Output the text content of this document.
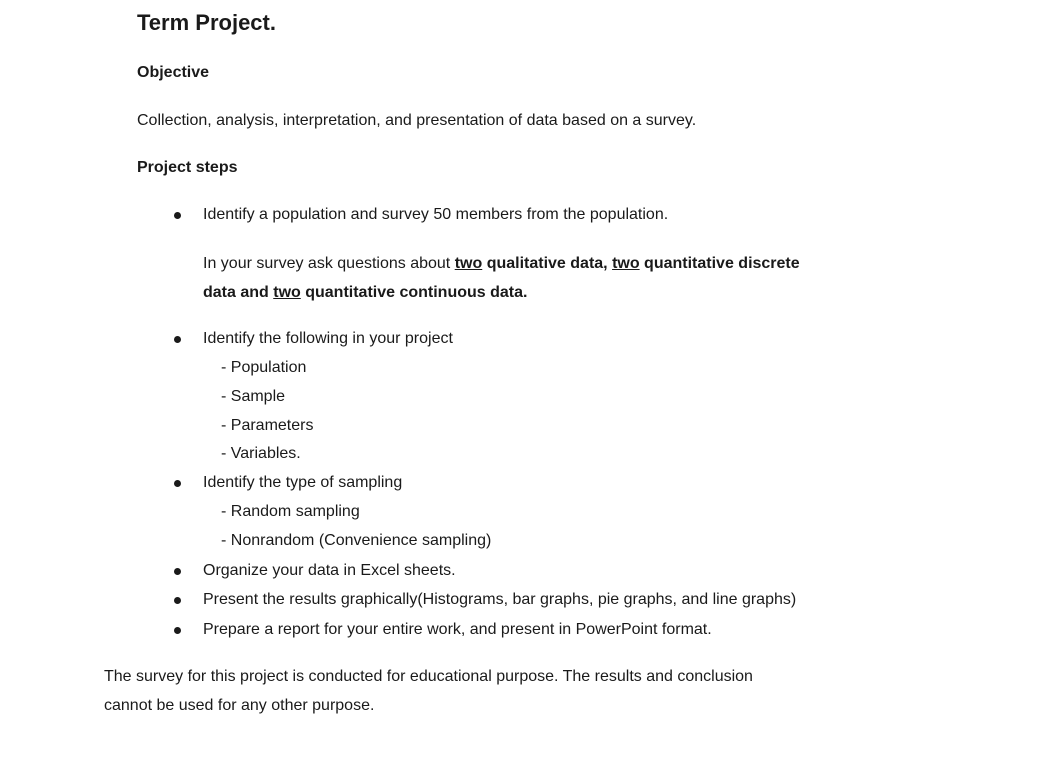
Term Project.
Objective
Collection, analysis, interpretation, and presentation of data based on a survey.
Project steps
Identify a population and survey 50 members from the population.
In your survey ask questions about two qualitative data, two quantitative discrete
data and two quantitative continuous data.
Identify the following in your project
- Population
- Sample
- Parameters
- Variables.
Identify the type of sampling
- Random sampling
- Nonrandom (Convenience sampling)
Organize your data in Excel sheets.
Present the results graphically(Histograms, bar graphs, pie graphs, and line graphs)
Prepare a report for your entire work, and present in PowerPoint format.
The survey for this project is conducted for educational purpose. The results and conclusion
cannot be used for any other purpose.
